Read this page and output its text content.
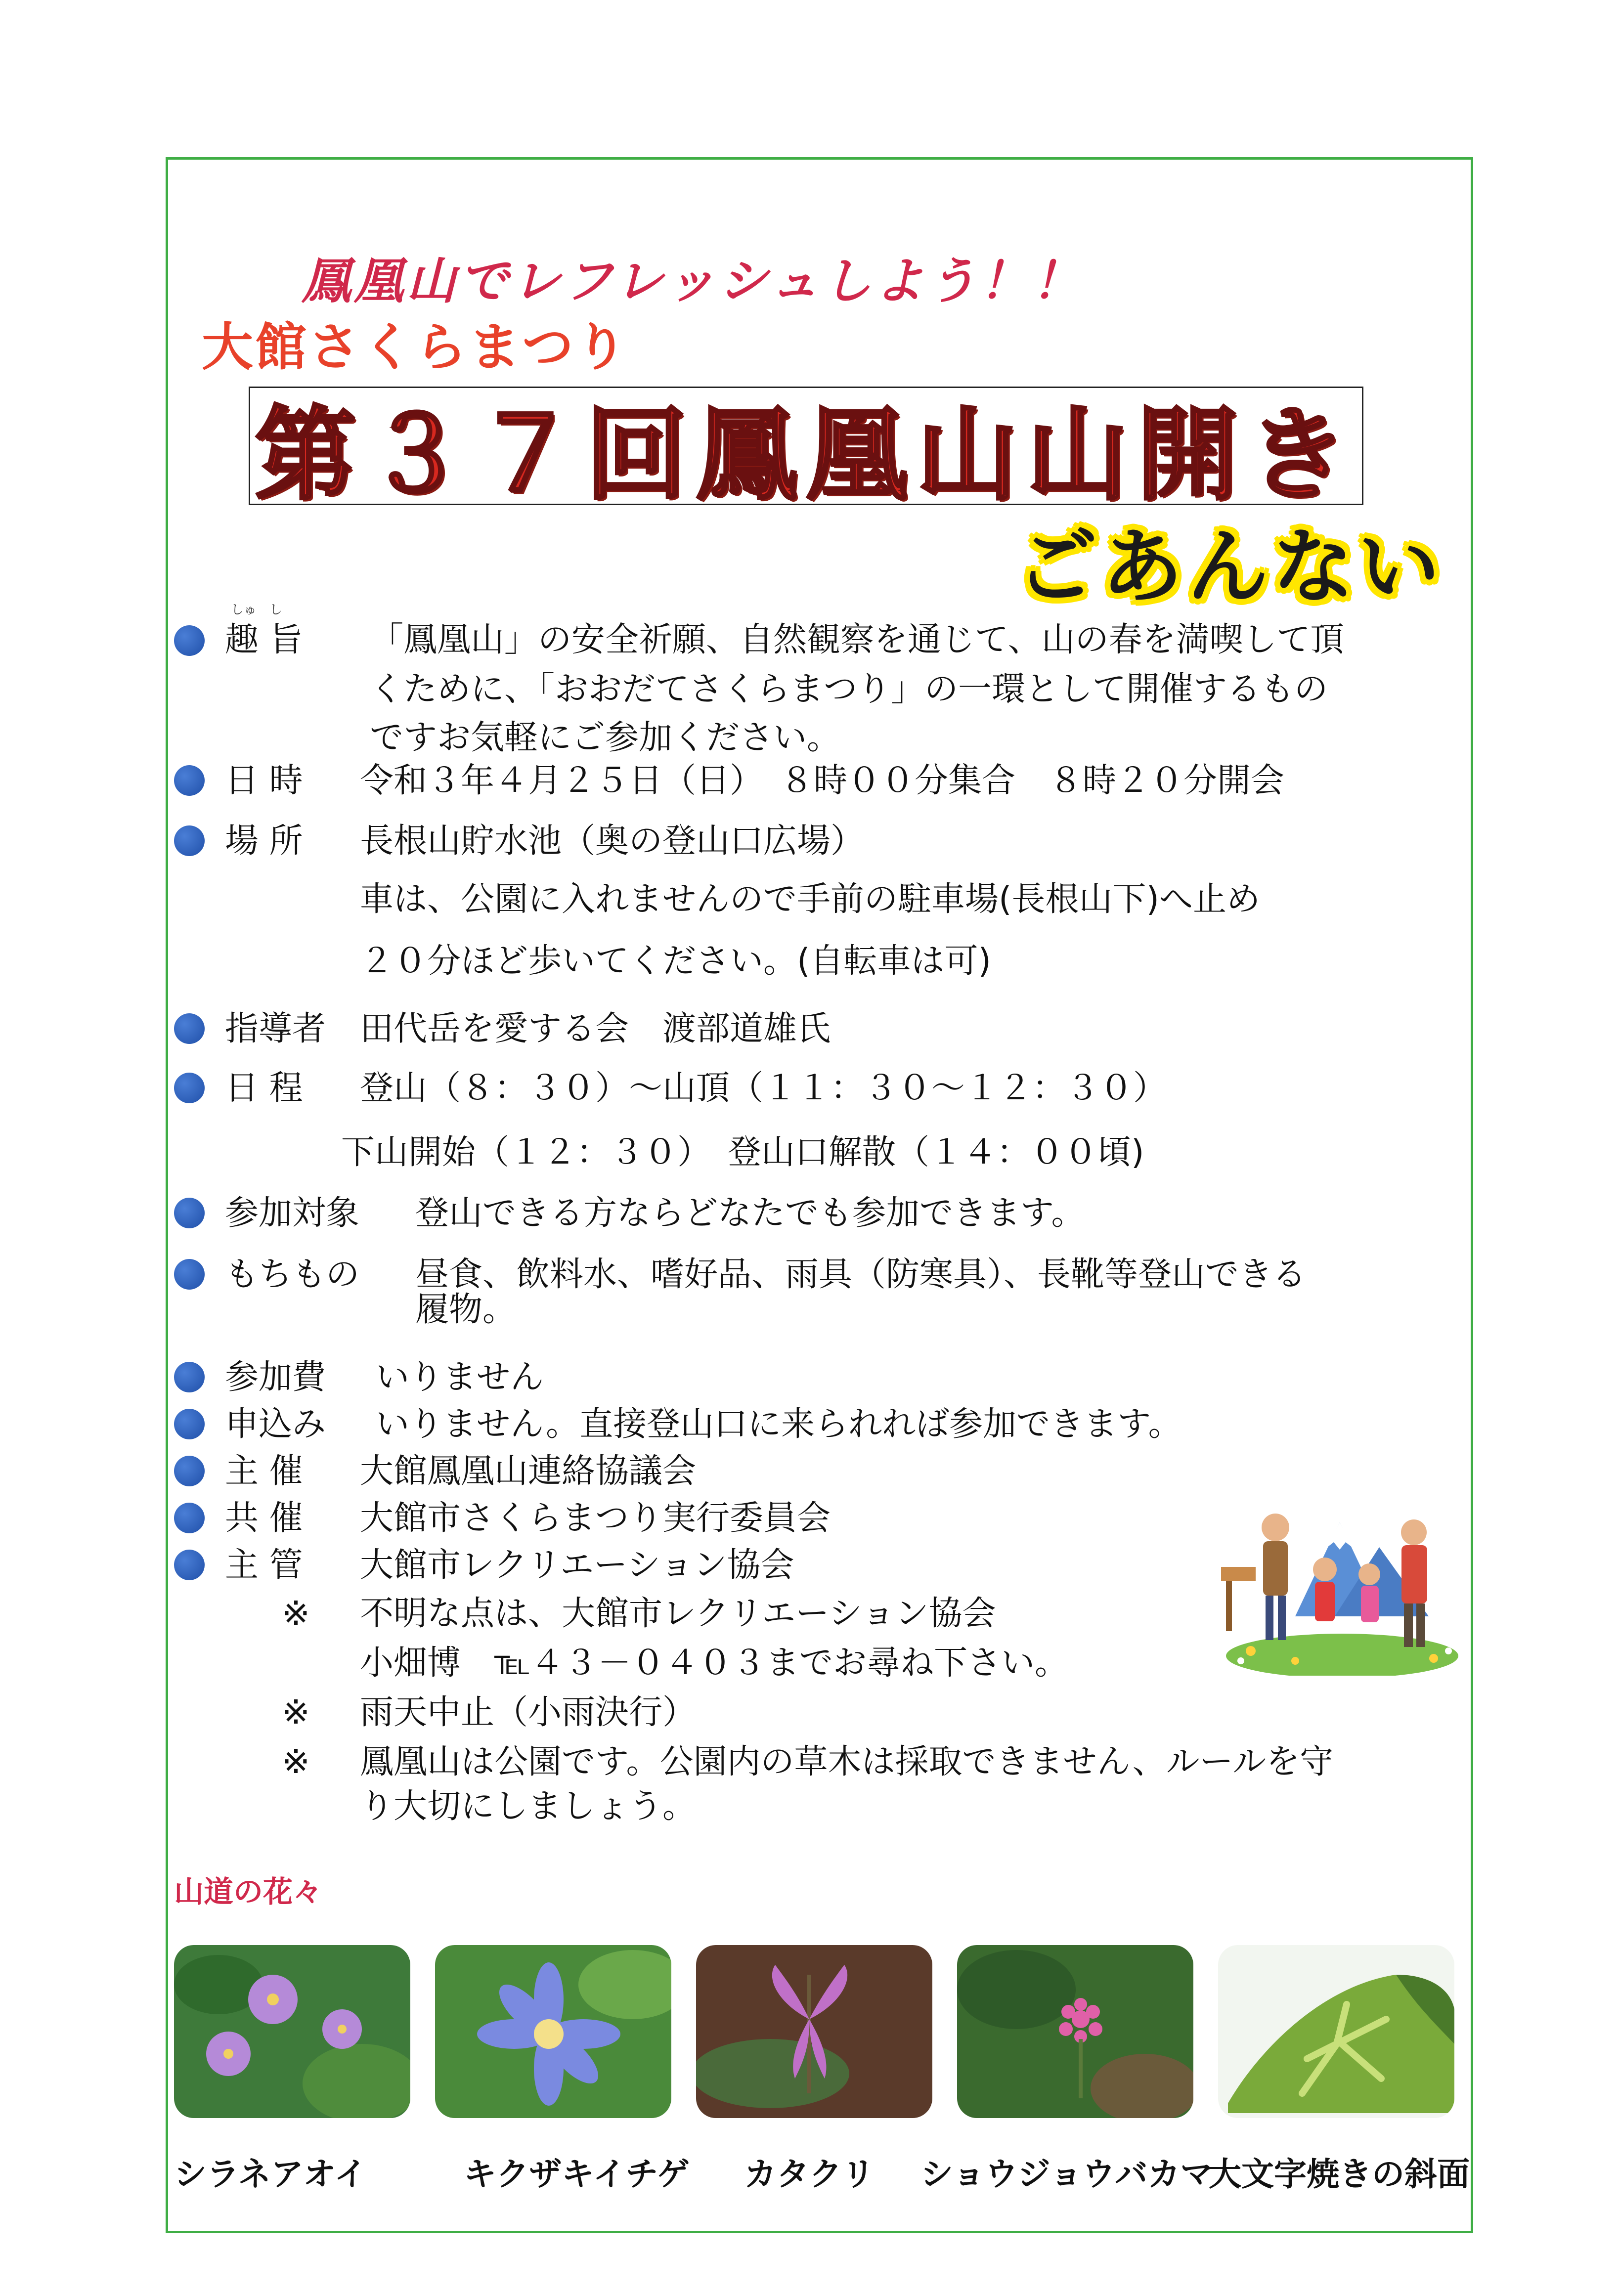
鳳凰山でレフレッシュしよう！！
大館さくらまつり
第３７回鳳凰山山開き
ごあんない
しゅ　し
趣 旨 「鳳凰山」の安全祈願、自然観察を通じて、山の春を満喫して頂
くために、「おおだてさくらまつり」の一環として開催するもの
ですお気軽にご参加ください。
日 時 令和３年４月２５日（日）　８時００分集合　８時２０分開会
場 所 長根山貯水池（奥の登山口広場）
車は、公園に入れませんので手前の駐車場(長根山下)へ止め
２０分ほど歩いてください。(自転車は可)
指導者 田代岳を愛する会　渡部道雄氏
日 程 登山（８：３０）～山頂（１１：３０～１２：３０）
下山開始（１２：３０）　登山口解散（１４：００頃)
参加対象 登山できる方ならどなたでも参加できます。
もちもの 昼食、飲料水、嗜好品、雨具（防寒具）、長靴等登山できる
履物。
参加費 いりません
申込み いりません。直接登山口に来られれば参加できます。
主 催 大館鳳凰山連絡協議会
共 催 大館市さくらまつり実行委員会
主 管 大館市レクリエーション協会
※ 不明な点は、大館市レクリエーション協会
小畑博　℡４３－０４０３までお尋ね下さい。
※ 雨天中止（小雨決行）
※ 鳳凰山は公園です。公園内の草木は採取できません、ルールを守
り大切にしましょう。
山道の花々
シラネアオイ	キクザキイチゲ カタクリ ショウジョウバカマ
大文字焼きの斜面
